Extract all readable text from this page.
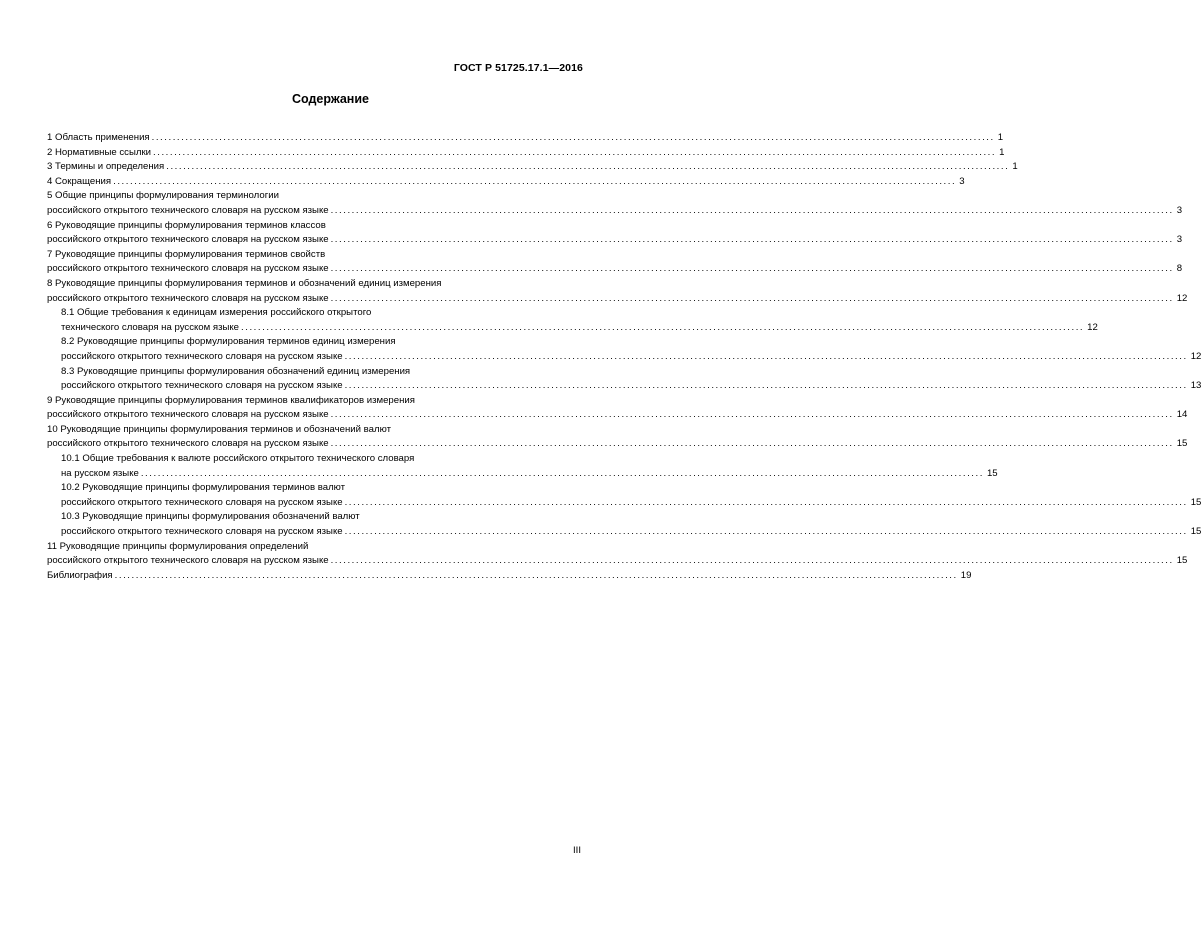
ГОСТ Р 51725.17.1—2016
Содержание
1 Область применения ........................................................................................................................................................................................................ 1
2 Нормативные ссылки ........................................................................................................................................................................................................ 1
3 Термины и определения ........................................................................................................................................................................................................ 1
4 Сокращения ........................................................................................................................................................................................................ 3
5 Общие принципы формулирования терминологии
российского открытого технического словаря на русском языке ........................................................................................................................................................................................................ 3
6 Руководящие принципы формулирования терминов классов
российского открытого технического словаря на русском языке ........................................................................................................................................................................................................ 3
7 Руководящие принципы формулирования терминов свойств
российского открытого технического словаря на русском языке ........................................................................................................................................................................................................ 8
8 Руководящие принципы формулирования терминов и обозначений единиц измерения
российского открытого технического словаря на русском языке ........................................................................................................................................................................................................ 12
8.1 Общие требования к единицам измерения российского открытого
технического словаря на русском языке ........................................................................................................................................................................................................ 12
8.2 Руководящие принципы формулирования терминов единиц измерения
российского открытого технического словаря на русском языке ........................................................................................................................................................................................................ 12
8.3 Руководящие принципы формулирования обозначений единиц измерения
российского открытого технического словаря на русском языке ........................................................................................................................................................................................................ 13
9 Руководящие принципы формулирования терминов квалификаторов измерения
российского открытого технического словаря на русском языке ........................................................................................................................................................................................................ 14
10 Руководящие принципы формулирования терминов и обозначений валют
российского открытого технического словаря на русском языке ........................................................................................................................................................................................................ 15
10.1 Общие требования к валюте российского открытого технического словаря
на русском языке ........................................................................................................................................................................................................ 15
10.2 Руководящие принципы формулирования терминов валют
российского открытого технического словаря на русском языке ........................................................................................................................................................................................................ 15
10.3 Руководящие принципы формулирования обозначений валют
российского открытого технического словаря на русском языке ........................................................................................................................................................................................................ 15
11 Руководящие принципы формулирования определений
российского открытого технического словаря на русском языке ........................................................................................................................................................................................................ 15
Библиография ........................................................................................................................................................................................................ 19
III
